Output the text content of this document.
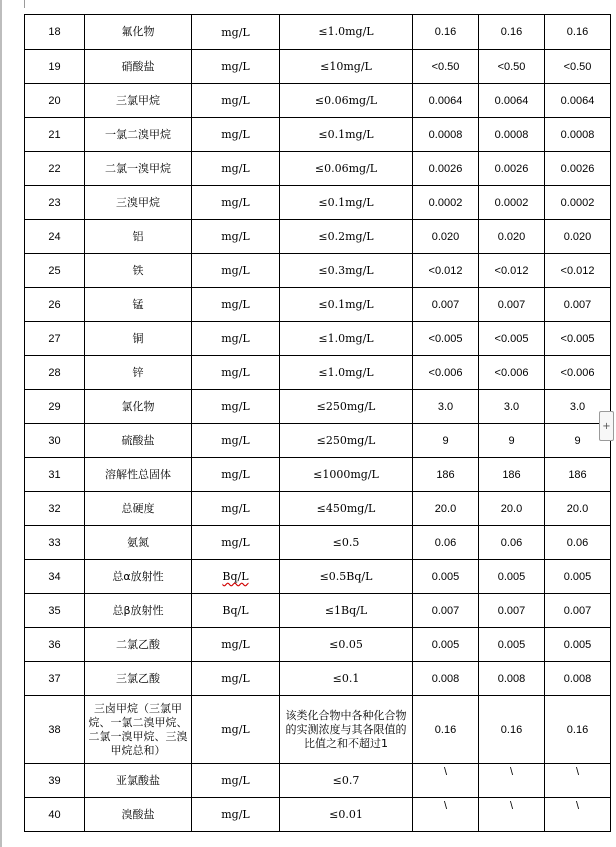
18	氟化物	mg/L	≤1.0mg/L	0.16	0.16	0.16
19	硝酸盐	mg/L	≤10mg/L	<0.50	<0.50	<0.50
20	三氯甲烷	mg/L	≤0.06mg/L	0.0064	0.0064	0.0064
21	一氯二溴甲烷	mg/L	≤0.1mg/L	0.0008	0.0008	0.0008
22	二氯一溴甲烷	mg/L	≤0.06mg/L	0.0026	0.0026	0.0026
23	三溴甲烷	mg/L	≤0.1mg/L	0.0002	0.0002	0.0002
24	铝	mg/L	≤0.2mg/L	0.020	0.020	0.020
25	铁	mg/L	≤0.3mg/L	<0.012	<0.012	<0.012
26	锰	mg/L	≤0.1mg/L	0.007	0.007	0.007
27	铜	mg/L	≤1.0mg/L	<0.005	<0.005	<0.005
28	锌	mg/L	≤1.0mg/L	<0.006	<0.006	<0.006
29	氯化物	mg/L	≤250mg/L	3.0	3.0	3.0
30	硫酸盐	mg/L	≤250mg/L	9	9	9
31	溶解性总固体	mg/L	≤1000mg/L	186	186	186
32	总硬度	mg/L	≤450mg/L	20.0	20.0	20.0
33	氨氮	mg/L	≤0.5	0.06	0.06	0.06
34	总α放射性	Bq/L	≤0.5Bq/L	0.005	0.005	0.005
35	总β放射性	Bq/L	≤1Bq/L	0.007	0.007	0.007
36	二氯乙酸	mg/L	≤0.05	0.005	0.005	0.005
37	三氯乙酸	mg/L	≤0.1	0.008	0.008	0.008
38	三卤甲烷（三氯甲烷、一氯二溴甲烷、二氯一溴甲烷、三溴甲烷总和）	mg/L	该类化合物中各种化合物的实测浓度与其各限值的比值之和不超过1	0.16	0.16	0.16
39	亚氯酸盐	mg/L	≤0.7	\	\	\
40	溴酸盐	mg/L	≤0.01	\	\	\
+
